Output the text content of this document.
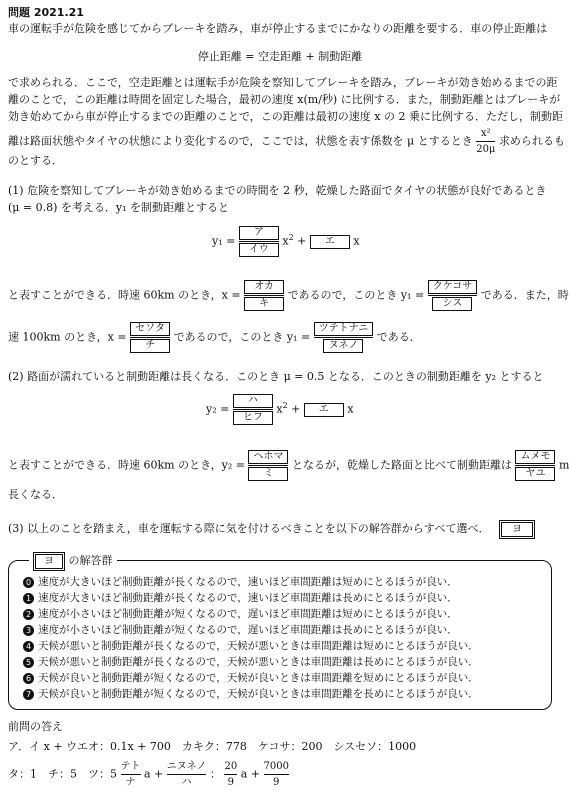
問題 2021.21
車の運転手が危険を感じてからブレーキを踏み，車が停止するまでにかなりの距離を要する．車の停止距離は
停止距離 = 空走距離 + 制動距離
で求められる．ここで，空走距離とは運転手が危険を察知してブレーキを踏み，ブレーキが効き始めるまでの距
離のことで，この距離は時間を固定した場合，最初の速度 x(m/秒) に比例する．また，制動距離とはブレーキが
効き始めてから車が停止するまでの距離のことで，この距離は最初の速度 x の 2 乗に比例する．ただし，制動距
離は路面状態やタイヤの状態により変化するので，ここでは，状態を表す係数を μ とするとき $\frac{\text{x²}}{20\mu}$ 求められるも
のとする．
(1) 危険を察知してブレーキが効き始めるまでの時間を 2 秒，乾燥した路面でタイヤの状態が良好であるとき
(μ = 0.8) を考える．y₁ を制動距離とすると
$y_1 = \frac{\text{ア}}{\text{イウ}} x^2$ + エ x
と表すことができる．時速 60km のとき，$x = \frac{\text{オカ}}{\text{キ}}$ であるので，このとき $y_1 = \frac{\text{クケコサ}}{\text{シス}}$ である．また，時
速 100km のとき，$x = \frac{\text{セソタ}}{\text{チ}}$ であるので，このとき $y_1 = \frac{\text{ツテトナニ}}{\text{ヌネノ}}$ である．
(2) 路面が濡れていると制動距離は長くなる．このとき μ = 0.5 となる．このときの制動距離を y₂ とすると
$y_2 = \frac{\text{ハ}}{\text{ヒフ}} x^2$ + エ x
と表すことができる．時速 60km のとき，$y_2 = \frac{\text{ヘホマ}}{\text{ミ}}$ となるが，乾燥した路面と比べて制動距離は $\frac{\text{ムメモ}}{\text{ヤユ}}$ m
長くなる．
(3) 以上のことを踏まえ，車を運転する際に気を付けるべきことを以下の解答群からすべて選べ． ヨ
ヨ の解答群
0 速度が大きいほど制動距離が長くなるので，速いほど車間距離は短めにとるほうが良い．
1 速度が大きいほど制動距離が長くなるので，速いほど車間距離は長めにとるほうが良い．
2 速度が小さいほど制動距離が短くなるので，遅いほど車間距離は短めにとるほうが良い．
3 速度が小さいほど制動距離が短くなるので，遅いほど車間距離は長めにとるほうが良い．
4 天候が悪いと制動距離が長くなるので，天候が悪いときは車間距離は短めにとるほうが良い．
5 天候が悪いと制動距離が長くなるので，天候が悪いときは車間距離は長めにとるほうが良い．
6 天候が良いと制動距離が短くなるので，天候が良いときは車間距離を短めにとるほうが良い．
7 天候が良いと制動距離が短くなるので，天候が良いときは車間距離を長めにとるほうが良い．
前問の答え
ア．イ x + ウエオ：0.1x + 700　カキク：778　ケコサ：200　シスセソ：1000
タ：1　チ：5　ツ：$5 \frac{\text{テト}}{\text{ナ}}$ $a + \frac{\text{ニヌネノ}}{\text{ハ}}$ ： $\frac{20}{9}$ $a + \frac{7000}{9}$
